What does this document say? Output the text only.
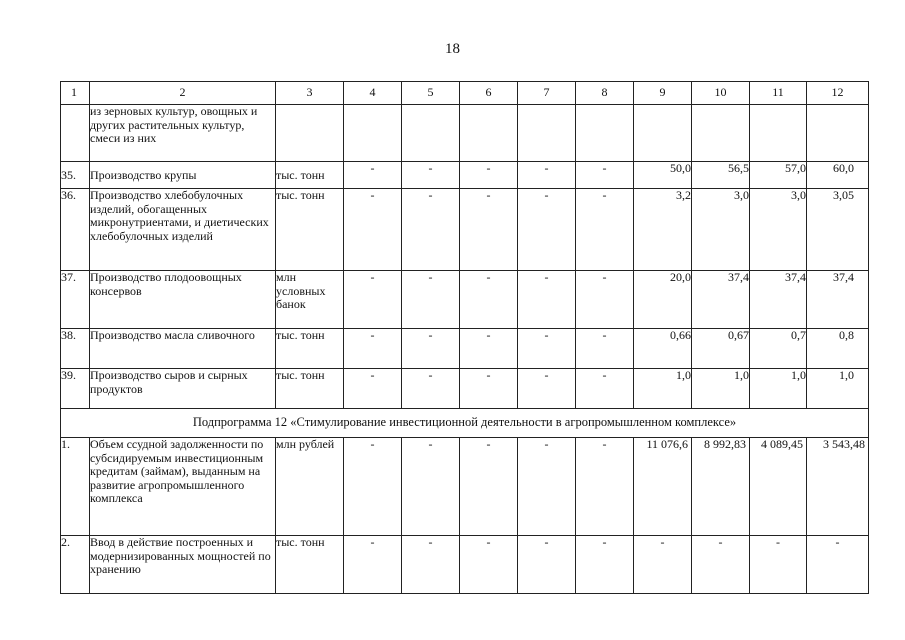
18
1	2	3	4	5	6	7	8	9	10	11	12
	из зерновых культур, овощных и других растительных культур, смеси из них										
35.	Производство крупы	тыс. тонн	-	-	-	-	-	50,0	56,5	57,0	60,0
36.	Производство хлебобулочных изделий, обогащенных микронутриентами, и диетических хлебобулочных изделий	тыс. тонн	-	-	-	-	-	3,2	3,0	3,0	3,05
37.	Производство плодоовощных консервов	млн условных банок	-	-	-	-	-	20,0	37,4	37,4	37,4
38.	Производство масла сливочного	тыс. тонн	-	-	-	-	-	0,66	0,67	0,7	0,8
39.	Производство сыров и сырных продуктов	тыс. тонн	-	-	-	-	-	1,0	1,0	1,0	1,0
Подпрограмма 12 «Стимулирование инвестиционной деятельности в агропромышленном комплексе»											
1.	Объем ссудной задолженности по субсидируемым инвестиционным кредитам (займам), выданным на развитие агропромышленного комплекса	млн рублей	-	-	-	-	-	11 076,6	8 992,83	4 089,45	3 543,48
2.	Ввод в действие построенных и модернизированных мощностей по хранению	тыс. тонн	-	-	-	-	-	-	-	-	-
